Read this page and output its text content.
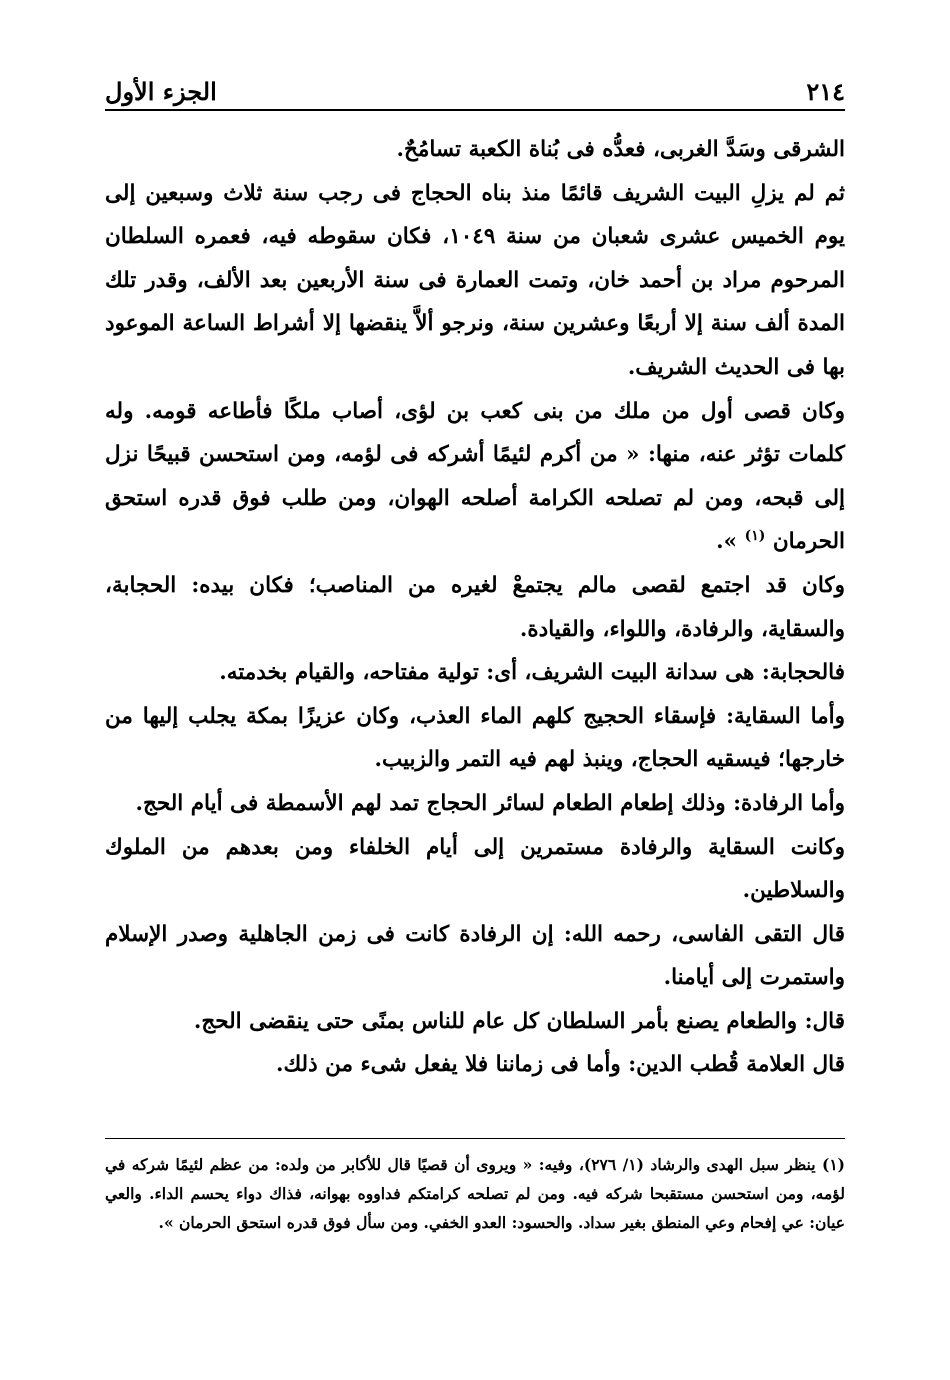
٢١٤
الجزء الأول

الشرقى وسَدَّ الغربى، فعدُّه فى بُناة الكعبة تسامُحٌ.

ثم لم يزلِ البيت الشريف قائمًا منذ بناه الحجاج فى رجب سنة ثلاث وسبعين إلى يوم الخميس عشرى شعبان من سنة ١٠٤٩، فكان سقوطه فيه، فعمره السلطان المرحوم مراد بن أحمد خان، وتمت العمارة فى سنة الأربعين بعد الألف، وقدر تلك المدة ألف سنة إلا أربعًا وعشرين سنة، ونرجو ألاَّ ينقضها إلا أشراط الساعة الموعود بها فى الحديث الشريف.

وكان قصى أول من ملك من بنى كعب بن لؤى، أصاب ملكًا فأطاعه قومه. وله كلمات تؤثر عنه، منها: « من أكرم لئيمًا أشركه فى لؤمه، ومن استحسن قبيحًا نزل إلى قبحه، ومن لم تصلحه الكرامة أصلحه الهوان، ومن طلب فوق قدره استحق الحرمان $^{(١)}$ ».

وكان قد اجتمع لقصى مالم يجتمعْ لغيره من المناصب؛ فكان بيده: الحجابة، والسقاية، والرفادة، واللواء، والقيادة.

فالحجابة: هى سدانة البيت الشريف، أى: تولية مفتاحه، والقيام بخدمته.

وأما السقاية: فإسقاء الحجيج كلهم الماء العذب، وكان عزيزًا بمكة يجلب إليها من خارجها؛ فيسقيه الحجاج، وينبذ لهم فيه التمر والزبيب.

وأما الرفادة: وذلك إطعام الطعام لسائر الحجاج تمد لهم الأسمطة فى أيام الحج.

وكانت السقاية والرفادة مستمرين إلى أيام الخلفاء ومن بعدهم من الملوك والسلاطين.

قال التقى الفاسى، رحمه الله: إن الرفادة كانت فى زمن الجاهلية وصدر الإسلام واستمرت إلى أيامنا.

قال: والطعام يصنع بأمر السلطان كل عام للناس بمنًى حتى ينقضى الحج.

قال العلامة قُطب الدين: وأما فى زماننا فلا يفعل شىء من ذلك.

(١) ينظر سبل الهدى والرشاد (١/ ٢٧٦)، وفيه: « ويروى أن قصيًا قال للأكابر من ولده: من عظم لئيمًا شركه في لؤمه، ومن استحسن مستقبحا شركه فيه. ومن لم تصلحه كرامتكم فداووه بهوانه، فذاك دواء يحسم الداء. والعي عيان: عي إفحام وعي المنطق بغير سداد. والحسود: العدو الخفي. ومن سأل فوق قدره استحق الحرمان ».
